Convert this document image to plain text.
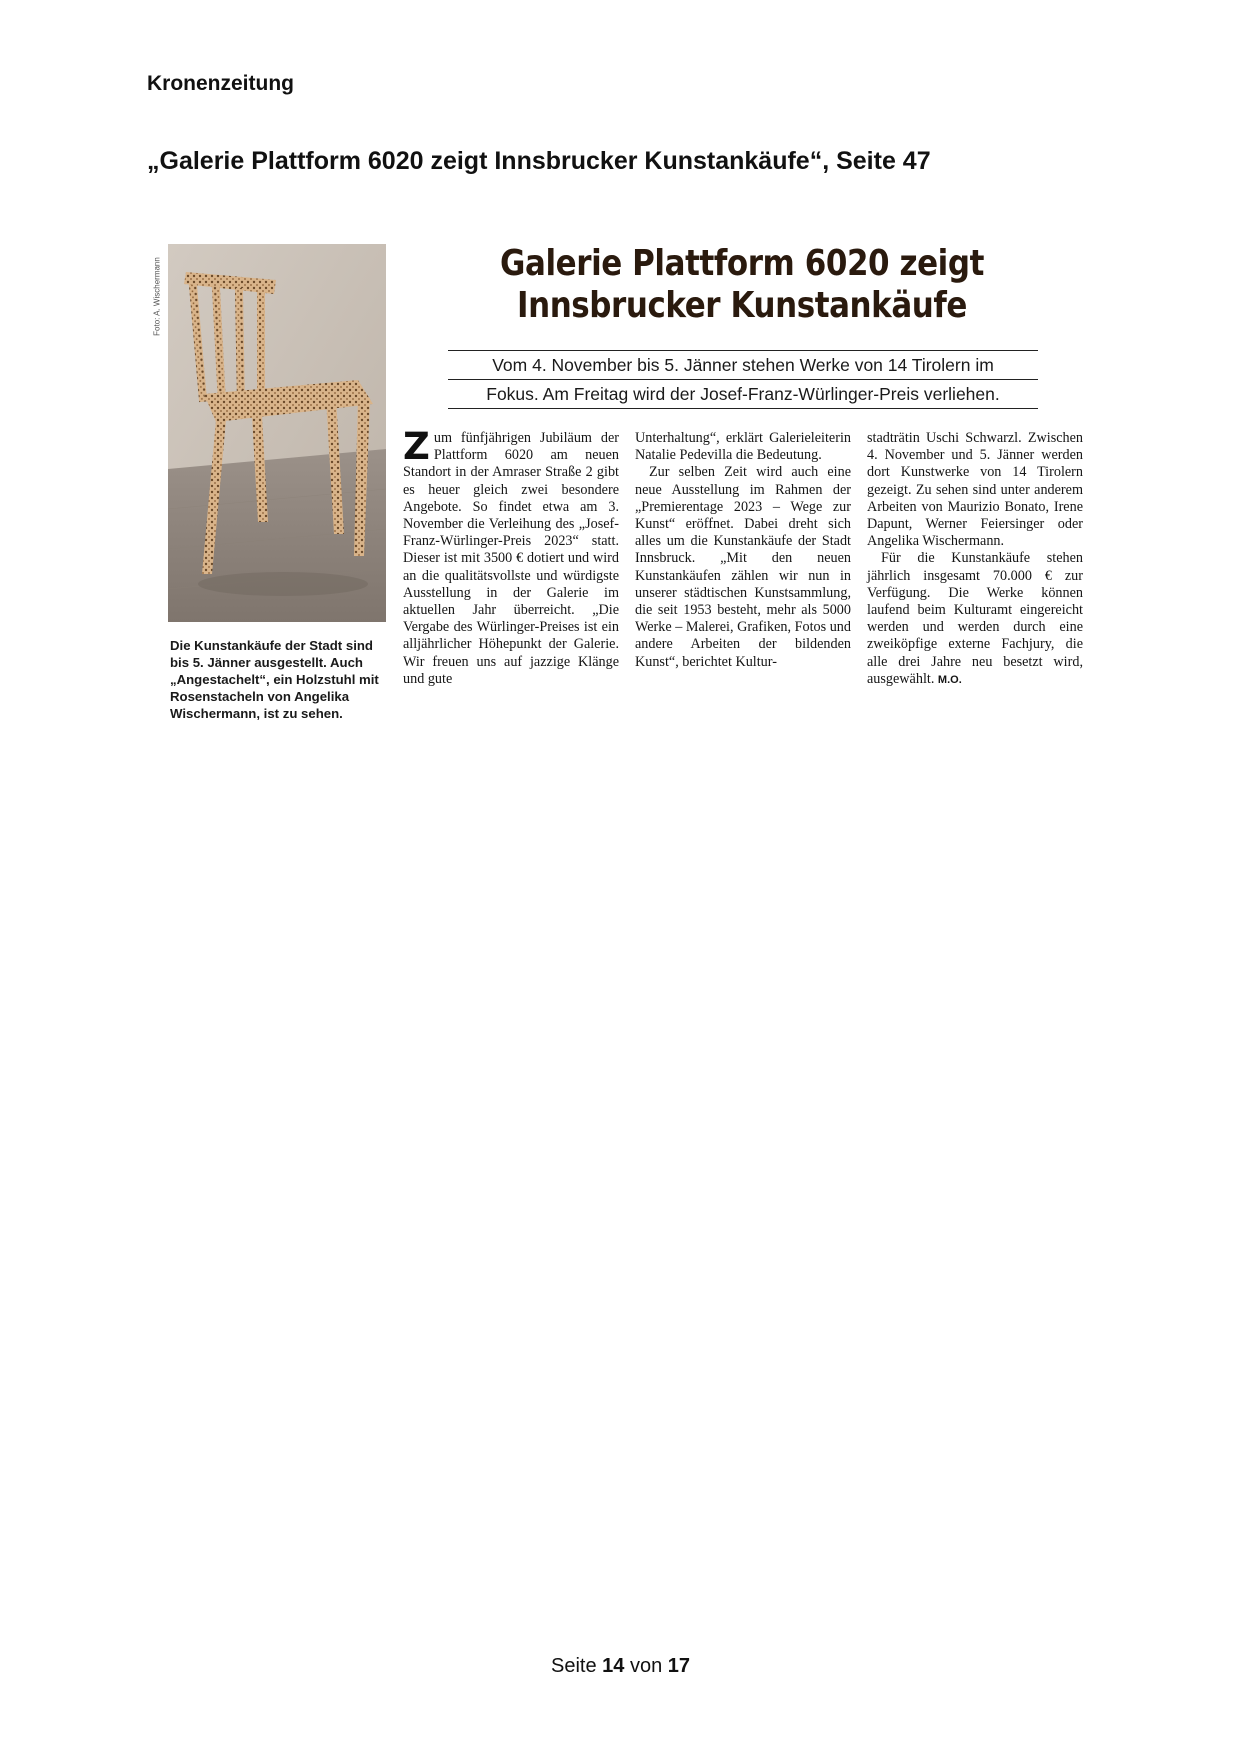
Kronenzeitung
„Galerie Plattform 6020 zeigt Innsbrucker Kunstankäufe“, Seite 47
Foto: A. Wischermann
Die Kunstankäufe der Stadt sind bis 5. Jänner ausgestellt. Auch „Angestachelt“, ein Holzstuhl mit Rosenstacheln von Angelika Wischermann, ist zu sehen.
Galerie Plattform 6020 zeigt
Innsbrucker Kunstankäufe
Vom 4. November bis 5. Jänner stehen Werke von 14 Tirolern im
Fokus. Am Freitag wird der Josef-Franz-Würlinger-Preis verliehen.

Zum fünfjährigen Jubiläum der Plattform 6020 am neuen Standort in der Amraser Straße 2 gibt es heuer gleich zwei besondere Angebote. So findet etwa am 3. November die Verleihung des „Josef-Franz-Würlinger-Preis 2023“ statt. Dieser ist mit 3500 € dotiert und wird an die qualitätsvollste und würdigste Ausstellung in der Galerie im aktuellen Jahr überreicht. „Die Vergabe des Würlinger-Preises ist ein alljährlicher Höhepunkt der Galerie. Wir freuen uns auf jazzige Klänge und gute

Unterhaltung“, erklärt Galerieleiterin Natalie Pedevilla die Bedeutung.

Zur selben Zeit wird auch eine neue Ausstellung im Rahmen der „Premierentage 2023 – Wege zur Kunst“ eröffnet. Dabei dreht sich alles um die Kunstankäufe der Stadt Innsbruck. „Mit den neuen Kunstankäufen zählen wir nun in unserer städtischen Kunstsammlung, die seit 1953 besteht, mehr als 5000 Werke – Malerei, Grafiken, Fotos und andere Arbeiten der bildenden Kunst“, berichtet Kultur-

stadträtin Uschi Schwarzl. Zwischen 4. November und 5. Jänner werden dort Kunstwerke von 14 Tirolern gezeigt. Zu sehen sind unter anderem Arbeiten von Maurizio Bonato, Irene Dapunt, Werner Feiersinger oder Angelika Wischermann.

Für die Kunstankäufe stehen jährlich insgesamt 70.000 € zur Verfügung. Die Werke können laufend beim Kulturamt eingereicht werden und werden durch eine zweiköpfige externe Fachjury, die alle drei Jahre neu besetzt wird, ausgewählt. M.O.

Seite 14 von 17
